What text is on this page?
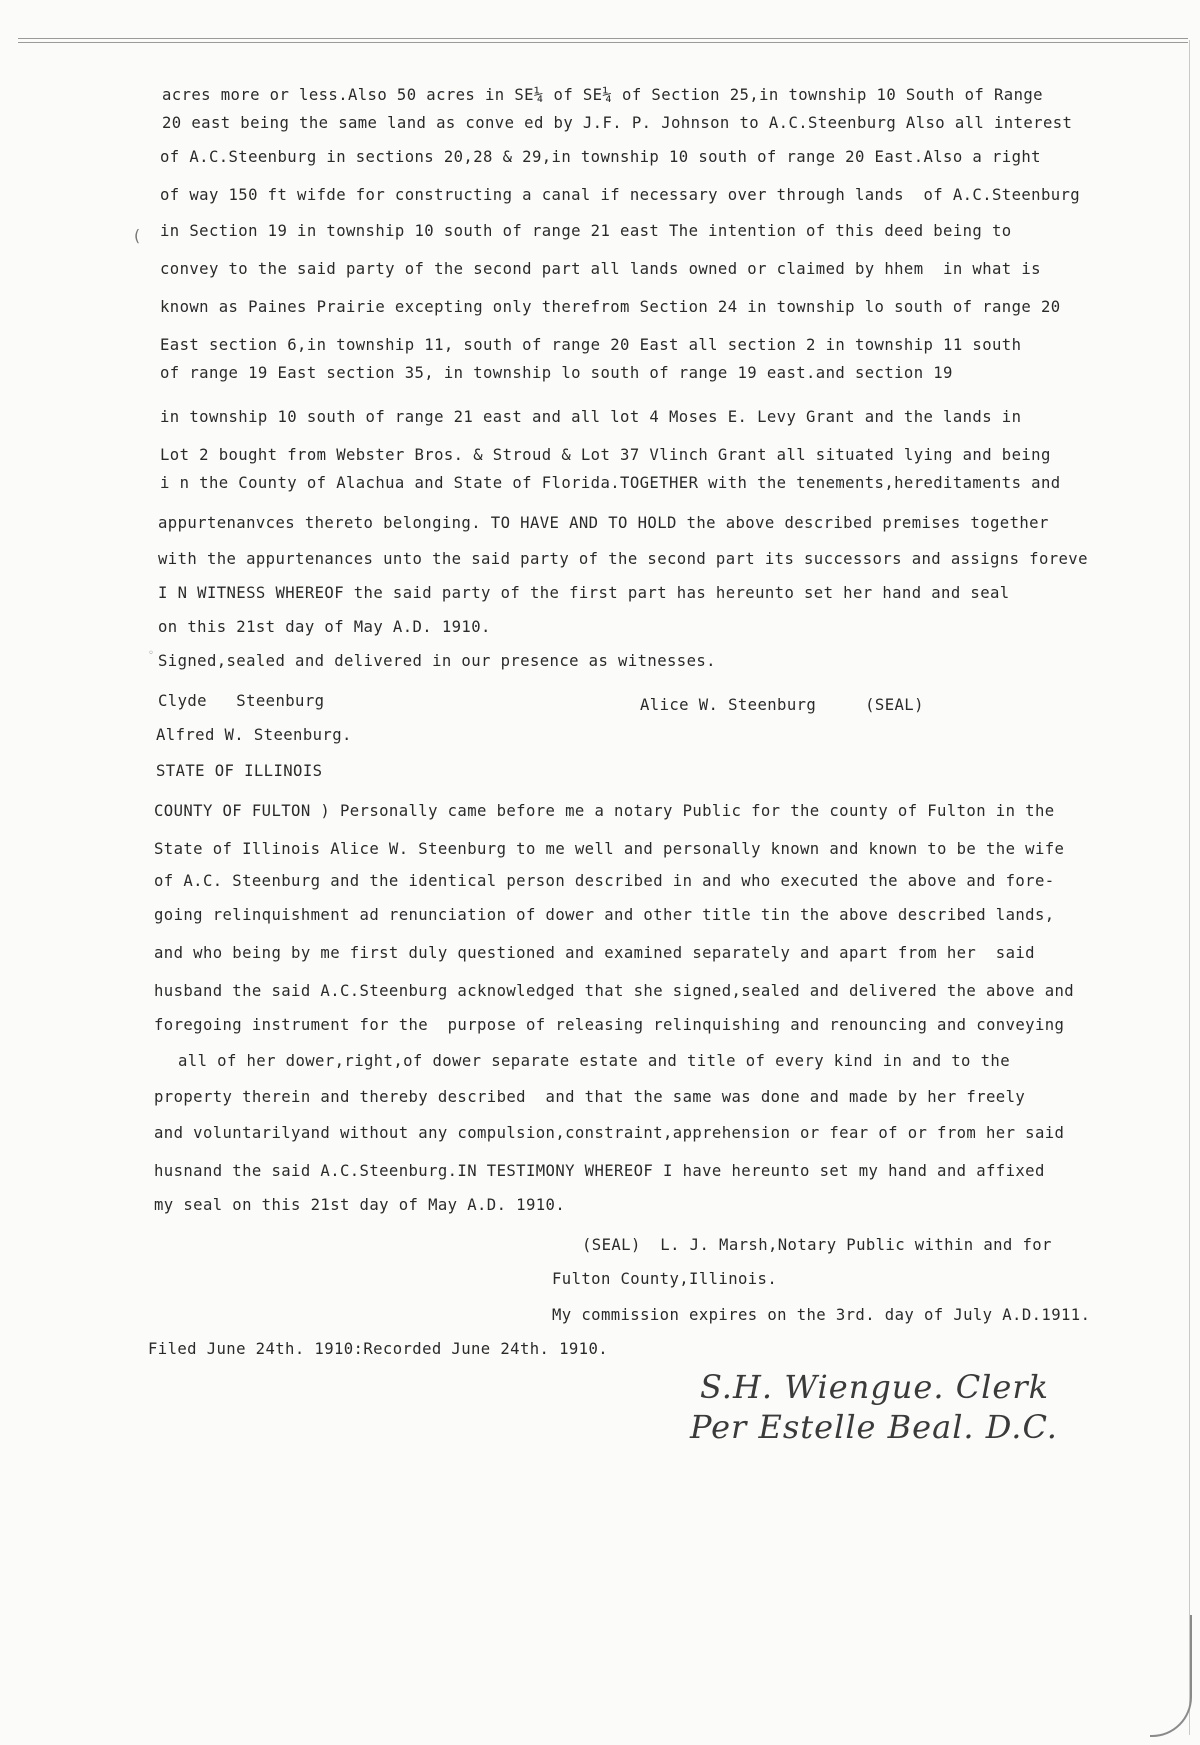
(
◦
acres more or less.Also 50 acres in SE¼ of SE¼ of Section 25,in township 10 South of Range
20 east being the same land as conve ed by J.F. P. Johnson to A.C.Steenburg Also all interest
of A.C.Steenburg in sections 20,28 & 29,in township 10 south of range 20 East.Also a right
of way 150 ft wifde for constructing a canal if necessary over through lands  of A.C.Steenburg
in Section 19 in township 10 south of range 21 east The intention of this deed being to
convey to the said party of the second part all lands owned or claimed by hhem  in what is
known as Paines Prairie excepting only therefrom Section 24 in township lo south of range 20
East section 6,in township 11, south of range 20 East all section 2 in township 11 south
of range 19 East section 35, in township lo south of range 19 east.and section 19
in township 10 south of range 21 east and all lot 4 Moses E. Levy Grant and the lands in
Lot 2 bought from Webster Bros. & Stroud & Lot 37 Vlinch Grant all situated lying and being
i n the County of Alachua and State of Florida.TOGETHER with the tenements,hereditaments and
appurtenanvces thereto belonging. TO HAVE AND TO HOLD the above described premises together
with the appurtenances unto the said party of the second part its successors and assigns foreve
I N WITNESS WHEREOF the said party of the first part has hereunto set her hand and seal
on this 21st day of May A.D. 1910.
Signed,sealed and delivered in our presence as witnesses.
Clyde   Steenburg	Alice W. Steenburg     (SEAL)
Alfred W. Steenburg.
STATE OF ILLINOIS
COUNTY OF FULTON ) Personally came before me a notary Public for the county of Fulton in the
State of Illinois Alice W. Steenburg to me well and personally known and known to be the wife
of A.C. Steenburg and the identical person described in and who executed the above and fore-
going relinquishment ad renunciation of dower and other title tin the above described lands,
and who being by me first duly questioned and examined separately and apart from her  said
husband the said A.C.Steenburg acknowledged that she signed,sealed and delivered the above and
foregoing instrument for the  purpose of releasing relinquishing and renouncing and conveying
all of her dower,right,of dower separate estate and title of every kind in and to the
property therein and thereby described  and that the same was done and made by her freely
and voluntarilyand without any compulsion,constraint,apprehension or fear of or from her said
husnand the said A.C.Steenburg.IN TESTIMONY WHEREOF I have hereunto set my hand and affixed
my seal on this 21st day of May A.D. 1910.
(SEAL)  L. J. Marsh,Notary Public within and for
Fulton County,Illinois.
My commission expires on the 3rd. day of July A.D.1911.
Filed June 24th. 1910:Recorded June 24th. 1910.
S.H. Wiengue. Clerk
Per Estelle Beal. D.C.
